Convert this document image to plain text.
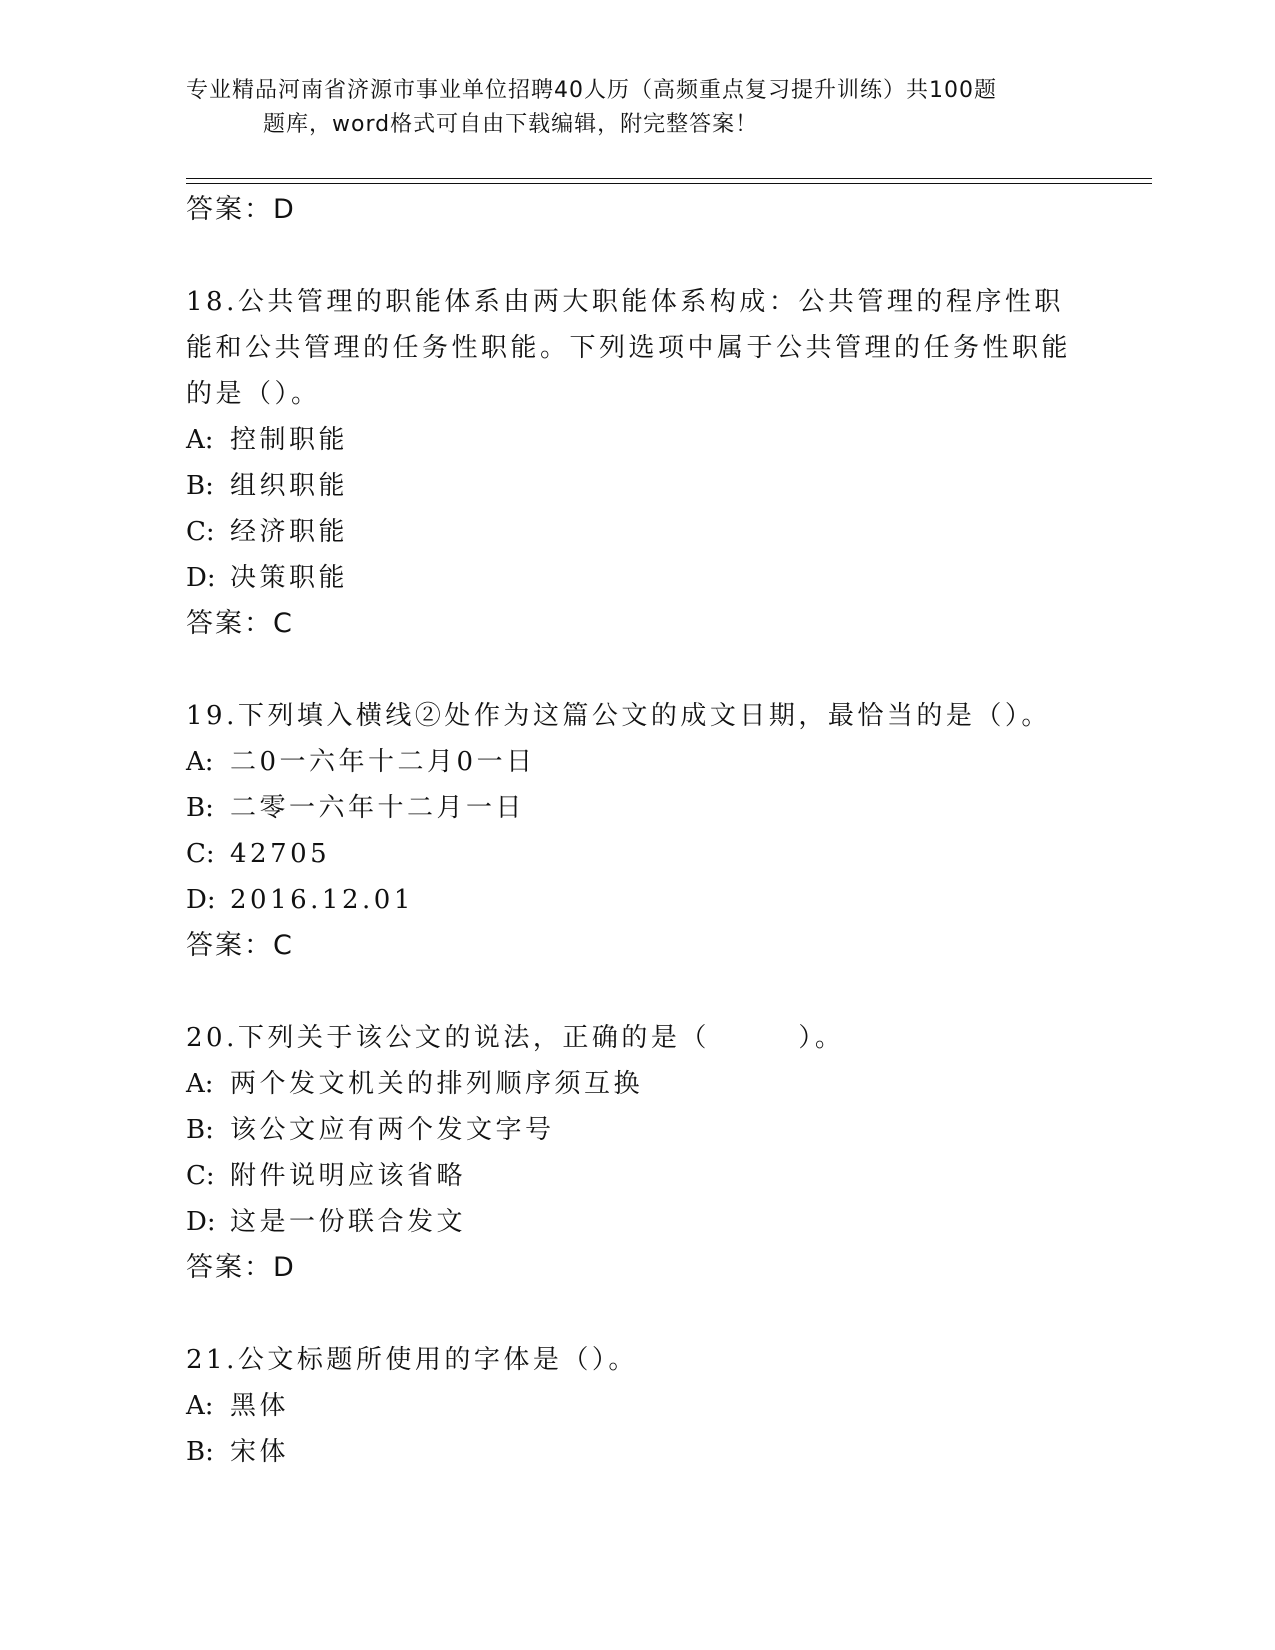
专业精品河南省济源市事业单位招聘40人历（高频重点复习提升训练）共100题
题库，word格式可自由下载编辑，附完整答案！
答案：D
18.公共管理的职能体系由两大职能体系构成：公共管理的程序性职能和公共管理的任务性职能。下列选项中属于公共管理的任务性职能的是（）。
A: 控制职能
B: 组织职能
C: 经济职能
D: 决策职能
答案：C
19.下列填入横线②处作为这篇公文的成文日期，最恰当的是（）。
A: 二0一六年十二月0一日
B: 二零一六年十二月一日
C: 42705
D: 2016.12.01
答案：C
20.下列关于该公文的说法，正确的是（　　　）。
A: 两个发文机关的排列顺序须互换
B: 该公文应有两个发文字号
C: 附件说明应该省略
D: 这是一份联合发文
答案：D
21.公文标题所使用的字体是（）。
A: 黑体
B: 宋体
